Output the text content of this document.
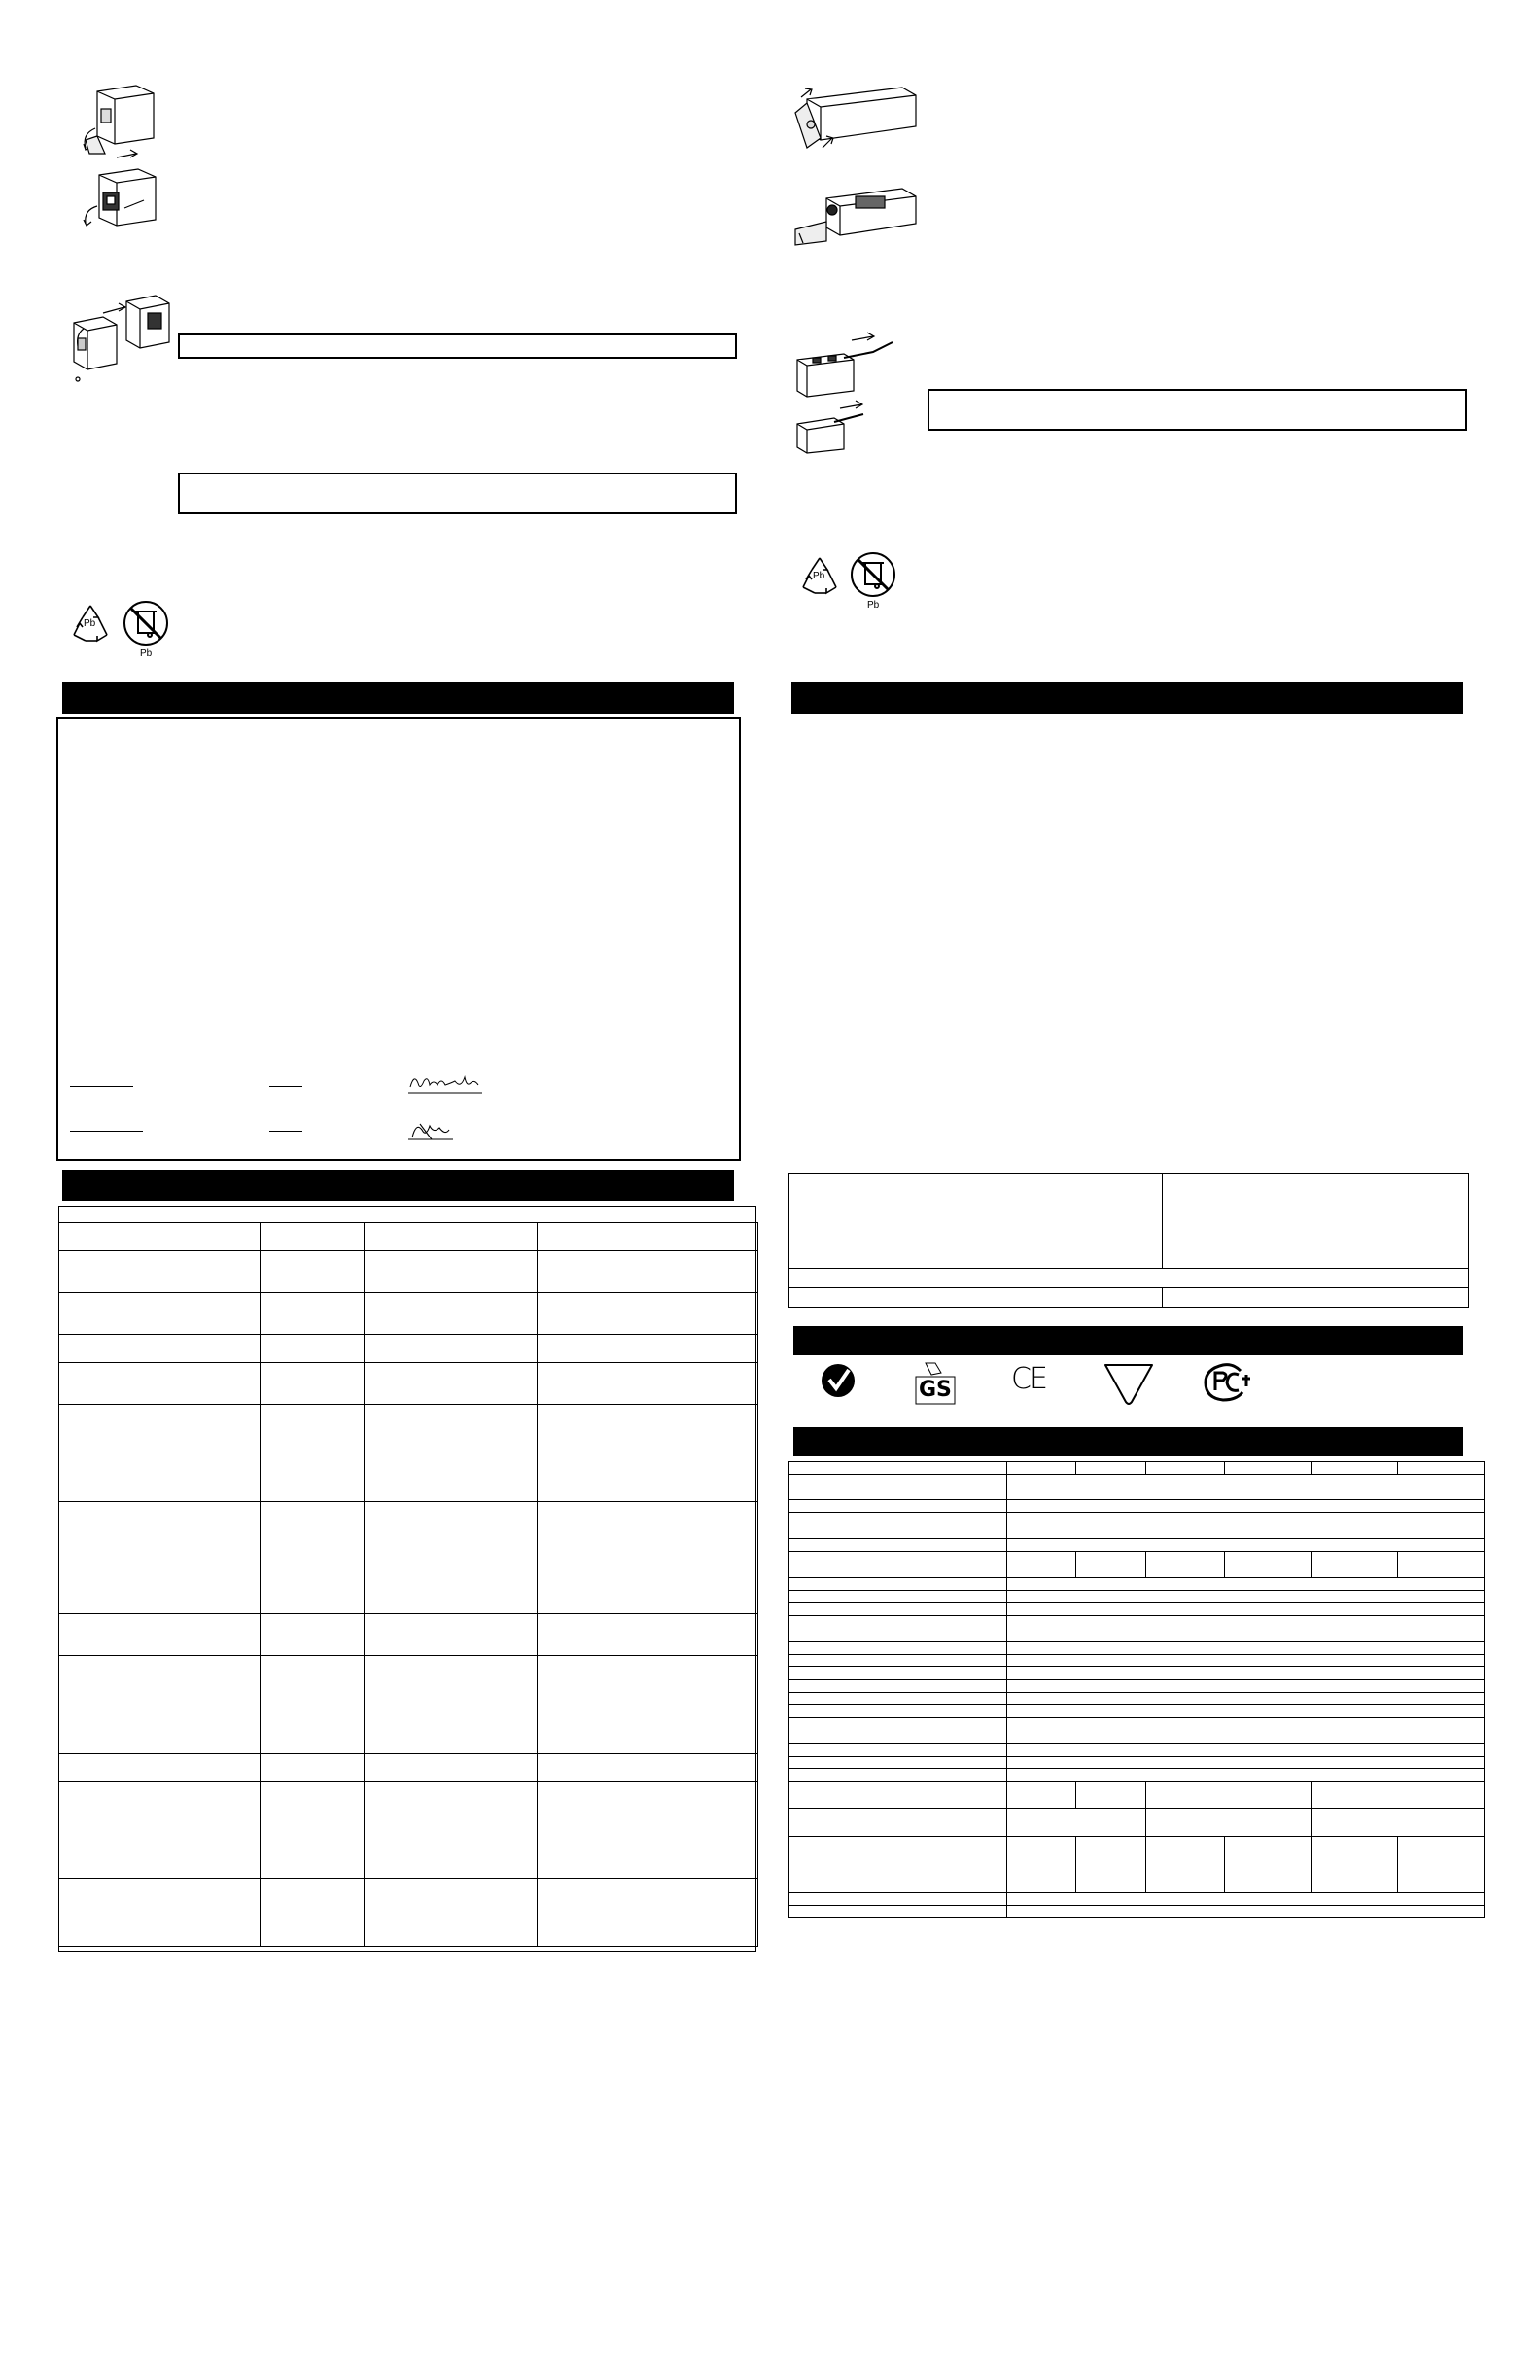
Pb
Pb

Pb
Pb

GS CE
